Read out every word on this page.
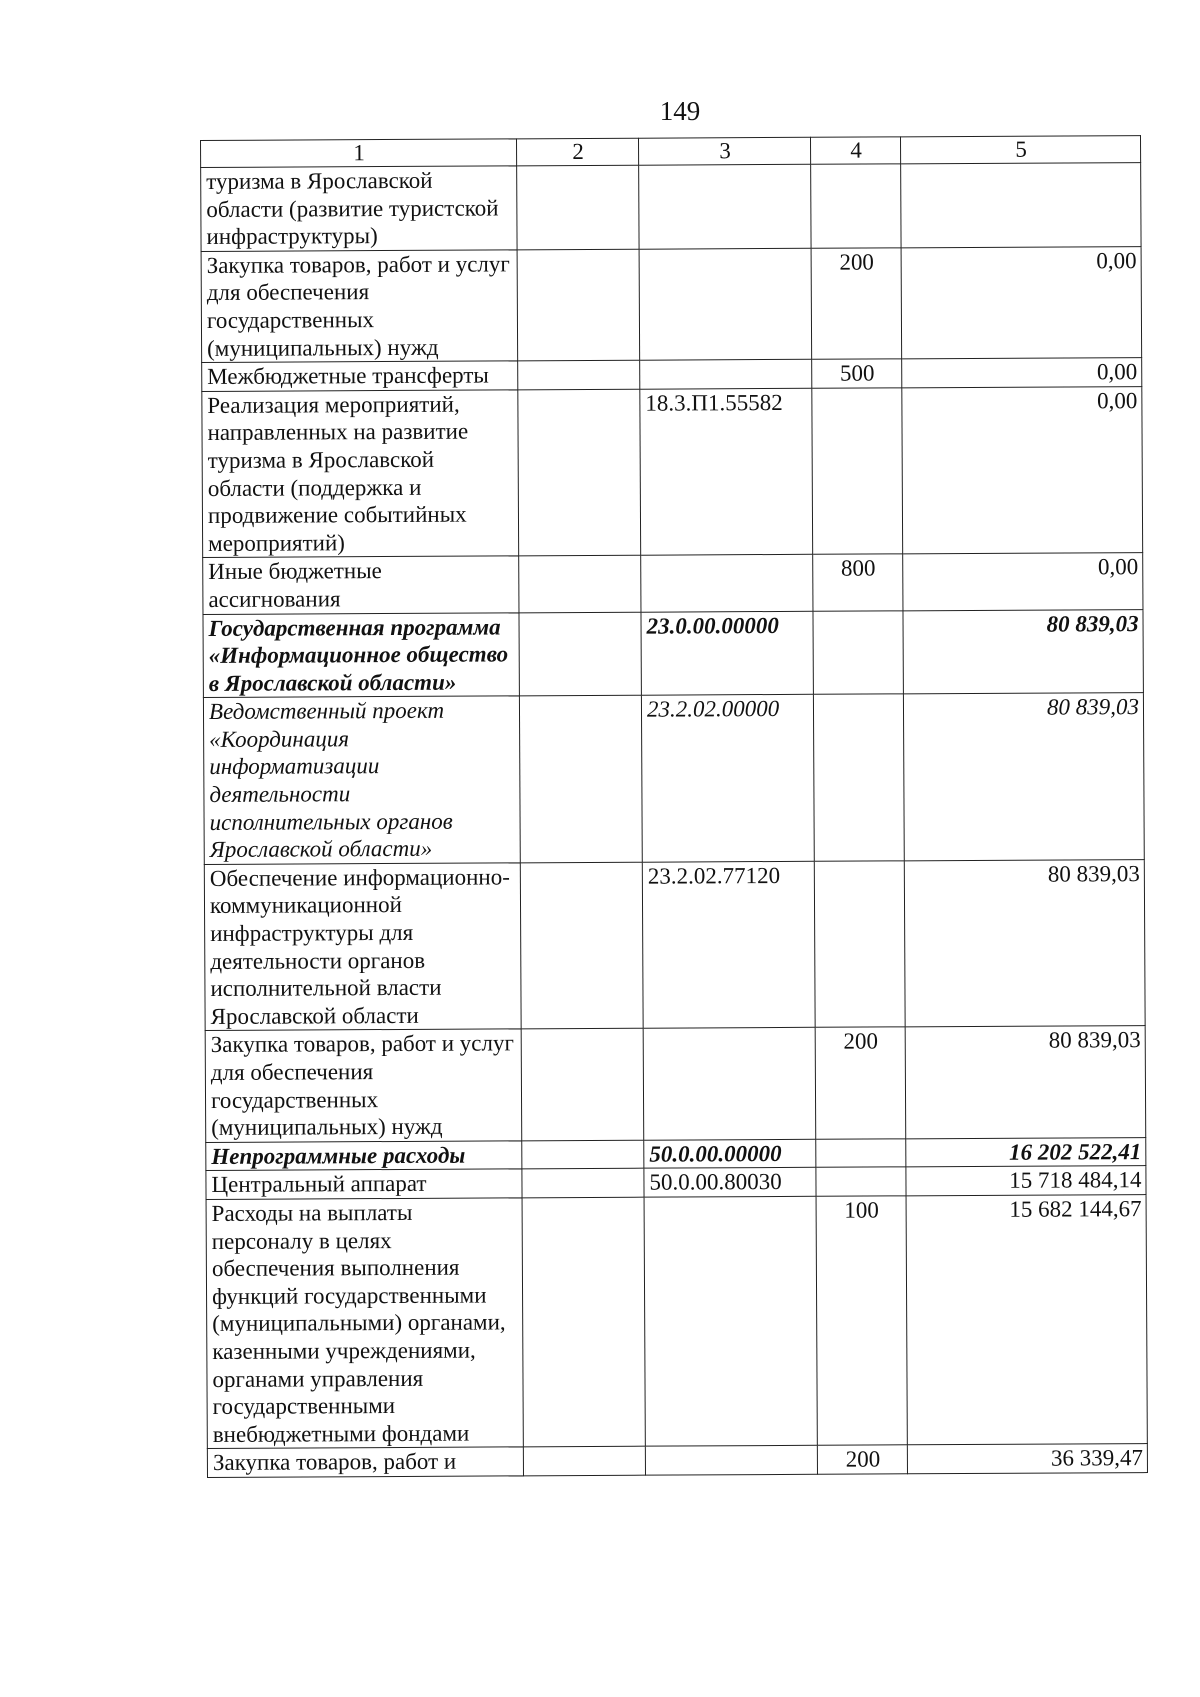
149
1	2	3	4	5
туризма в Ярославской области (развитие туристской инфраструктуры)				
Закупка товаров, работ и услуг для обеспечения государственных (муниципальных) нужд			200	0,00
Межбюджетные трансферты			500	0,00
Реализация мероприятий, направленных на развитие туризма в Ярославской области (поддержка и продвижение событийных мероприятий)		18.3.П1.55582		0,00
Иные бюджетные ассигнования			800	0,00
Государственная программа «Информационное общество в Ярославской области»		23.0.00.00000		80 839,03
Ведомственный проект «Координация информатизации деятельности исполнительных органов Ярославской области»		23.2.02.00000		80 839,03
Обеспечение информационно-коммуникационной инфраструктуры для деятельности органов исполнительной власти Ярославской области		23.2.02.77120		80 839,03
Закупка товаров, работ и услуг для обеспечения государственных (муниципальных) нужд			200	80 839,03
Непрограммные расходы		50.0.00.00000		16 202 522,41
Центральный аппарат		50.0.00.80030		15 718 484,14
Расходы на выплаты персоналу в целях обеспечения выполнения функций государственными (муниципальными) органами, казенными учреждениями, органами управления государственными внебюджетными фондами			100	15 682 144,67
Закупка товаров, работ и			200	36 339,47
